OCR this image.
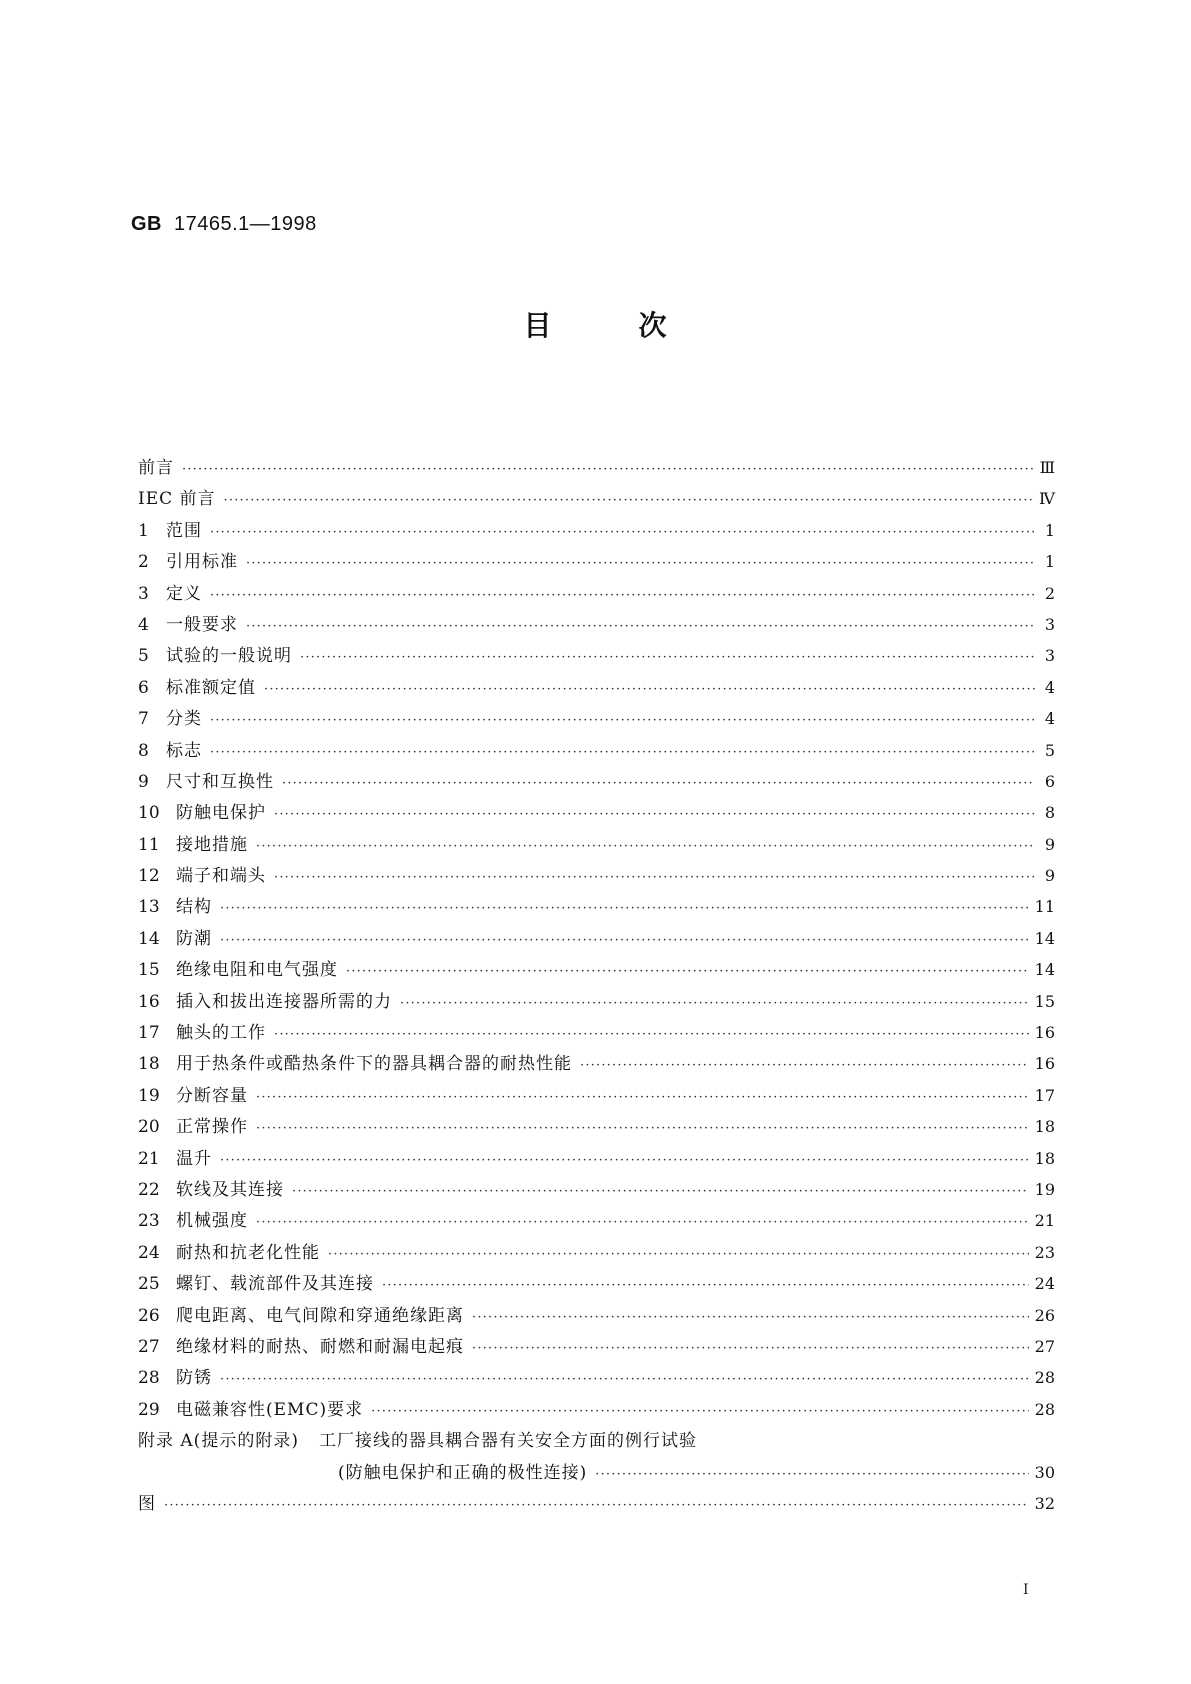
GB 17465.1—1998
目	次
前言 ·····	Ⅲ
IEC 前言 ·····	Ⅳ
1	范围 ·····	1
2	引用标准 ·····	1
3	定义 ·····	2
4	一般要求 ·····	3
5	试验的一般说明 ·····	3
6	标准额定值 ·····	4
7	分类 ·····	4
8	标志 ·····	5
9	尺寸和互换性 ·····	6
10 防触电保护 ·····	8
11 接地措施 ·····	9
12 端子和端头 ·····	9
13 结构 ·····	11
14 防潮 ·····	14
15 绝缘电阻和电气强度 ·····	14
16 插入和拔出连接器所需的力 ·····	15
17 触头的工作 ·····	16
18 用于热条件或酷热条件下的器具耦合器的耐热性能 ·····	16
19 分断容量 ·····	17
20 正常操作 ·····	18
21 温升 ·····	18
22 软线及其连接 ·····	19
23 机械强度 ·····	21
24 耐热和抗老化性能 ·····	23
25 螺钉、载流部件及其连接 ·····	24
26 爬电距离、电气间隙和穿通绝缘距离 ·····	26
27 绝缘材料的耐热、耐燃和耐漏电起痕 ·····	27
28 防锈 ·····	28
29 电磁兼容性(EMC)要求 ·····	28
附录 A(提示的附录) 工厂接线的器具耦合器有关安全方面的例行试验
(防触电保护和正确的极性连接) ·····	30
图 ·····	32
I
